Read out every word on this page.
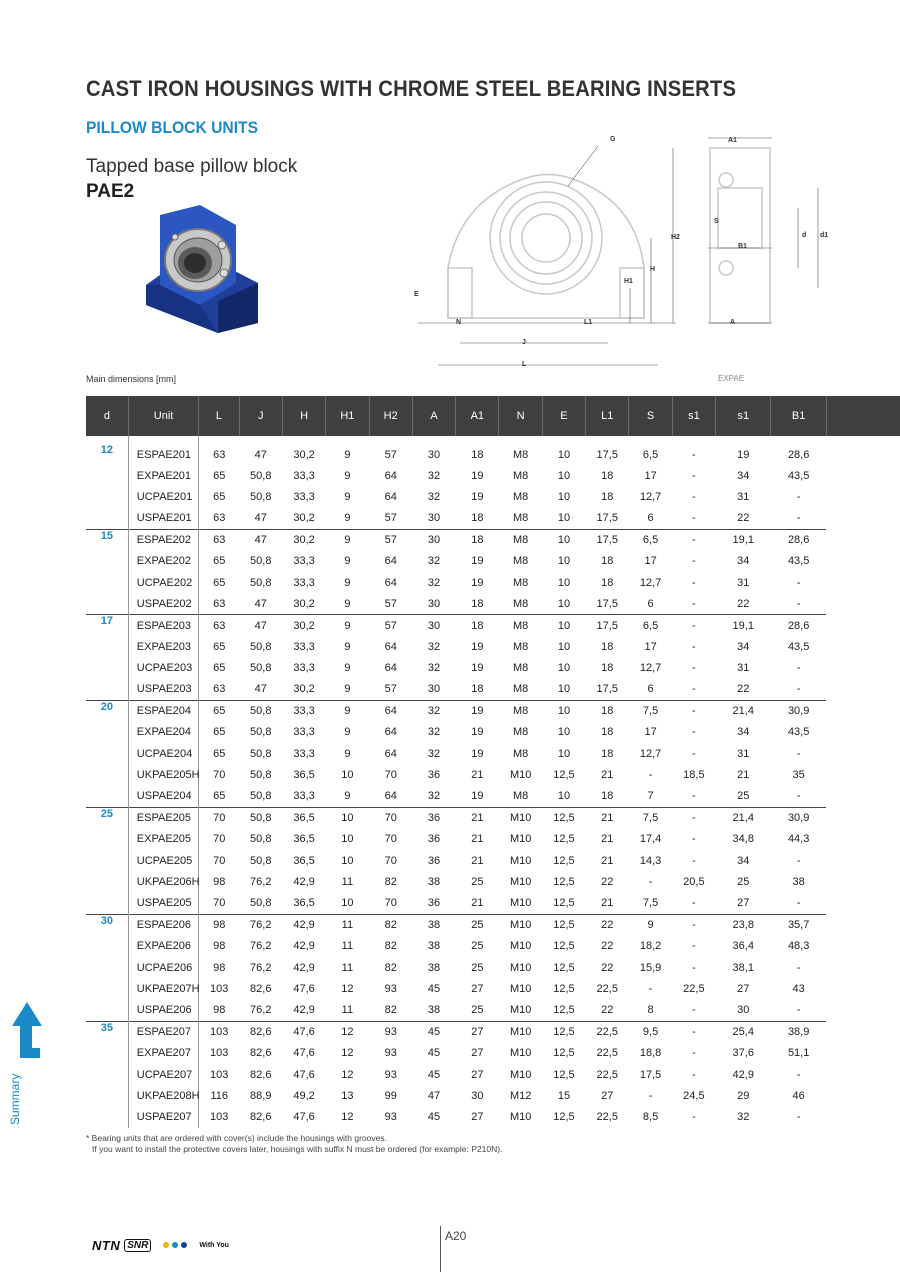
CAST IRON HOUSINGS WITH CHROME STEEL BEARING INSERTS
PILLOW BLOCK UNITS
Tapped base pillow block
PAE2
G	A1
H2
H
H1
E
N	L1
J
L
S
B1
d d1
A
Main dimensions [mm]	EXPAE
d	Unit	L	J	H	H1	H2	A	A1	N	E	L1	S	s1	s1	B1	
12	ESPAE201	63	47	30,2	9	57	30	18	M8	10	17,5	6,5	-	19	28,6	
	EXPAE201	65	50,8	33,3	9	64	32	19	M8	10	18	17	-	34	43,5	
	UCPAE201	65	50,8	33,3	9	64	32	19	M8	10	18	12,7	-	31	-	
	USPAE201	63	47	30,2	9	57	30	18	M8	10	17,5	6	-	22	-	
15	ESPAE202	63	47	30,2	9	57	30	18	M8	10	17,5	6,5	-	19,1	28,6	
	EXPAE202	65	50,8	33,3	9	64	32	19	M8	10	18	17	-	34	43,5	
	UCPAE202	65	50,8	33,3	9	64	32	19	M8	10	18	12,7	-	31	-	
	USPAE202	63	47	30,2	9	57	30	18	M8	10	17,5	6	-	22	-	
17	ESPAE203	63	47	30,2	9	57	30	18	M8	10	17,5	6,5	-	19,1	28,6	
	EXPAE203	65	50,8	33,3	9	64	32	19	M8	10	18	17	-	34	43,5	
	UCPAE203	65	50,8	33,3	9	64	32	19	M8	10	18	12,7	-	31	-	
	USPAE203	63	47	30,2	9	57	30	18	M8	10	17,5	6	-	22	-	
20	ESPAE204	65	50,8	33,3	9	64	32	19	M8	10	18	7,5	-	21,4	30,9	
	EXPAE204	65	50,8	33,3	9	64	32	19	M8	10	18	17	-	34	43,5	
	UCPAE204	65	50,8	33,3	9	64	32	19	M8	10	18	12,7	-	31	-	
	UKPAE205H	70	50,8	36,5	10	70	36	21	M10	12,5	21	-	18,5	21	35	
	USPAE204	65	50,8	33,3	9	64	32	19	M8	10	18	7	-	25	-	
25	ESPAE205	70	50,8	36,5	10	70	36	21	M10	12,5	21	7,5	-	21,4	30,9	
	EXPAE205	70	50,8	36,5	10	70	36	21	M10	12,5	21	17,4	-	34,8	44,3	
	UCPAE205	70	50,8	36,5	10	70	36	21	M10	12,5	21	14,3	-	34	-	
	UKPAE206H	98	76,2	42,9	11	82	38	25	M10	12,5	22	-	20,5	25	38	
	USPAE205	70	50,8	36,5	10	70	36	21	M10	12,5	21	7,5	-	27	-	
30	ESPAE206	98	76,2	42,9	11	82	38	25	M10	12,5	22	9	-	23,8	35,7	
	EXPAE206	98	76,2	42,9	11	82	38	25	M10	12,5	22	18,2	-	36,4	48,3	
	UCPAE206	98	76,2	42,9	11	82	38	25	M10	12,5	22	15,9	-	38,1	-	
	UKPAE207H	103	82,6	47,6	12	93	45	27	M10	12,5	22,5	-	22,5	27	43	
	USPAE206	98	76,2	42,9	11	82	38	25	M10	12,5	22	8	-	30	-	
35	ESPAE207	103	82,6	47,6	12	93	45	27	M10	12,5	22,5	9,5	-	25,4	38,9	
	EXPAE207	103	82,6	47,6	12	93	45	27	M10	12,5	22,5	18,8	-	37,6	51,1	
	UCPAE207	103	82,6	47,6	12	93	45	27	M10	12,5	22,5	17,5	-	42,9	-	
	UKPAE208H	116	88,9	49,2	13	99	47	30	M12	15	27	-	24,5	29	46	
	USPAE207	103	82,6	47,6	12	93	45	27	M10	12,5	22,5	8,5	-	32	-	
* Bearing units that are ordered with cover(s) include the housings with grooves.
If you want to install the protective covers later, housings with suffix N must be ordered (for example: P210N).
Summary
NTN SNR	With You
A20
